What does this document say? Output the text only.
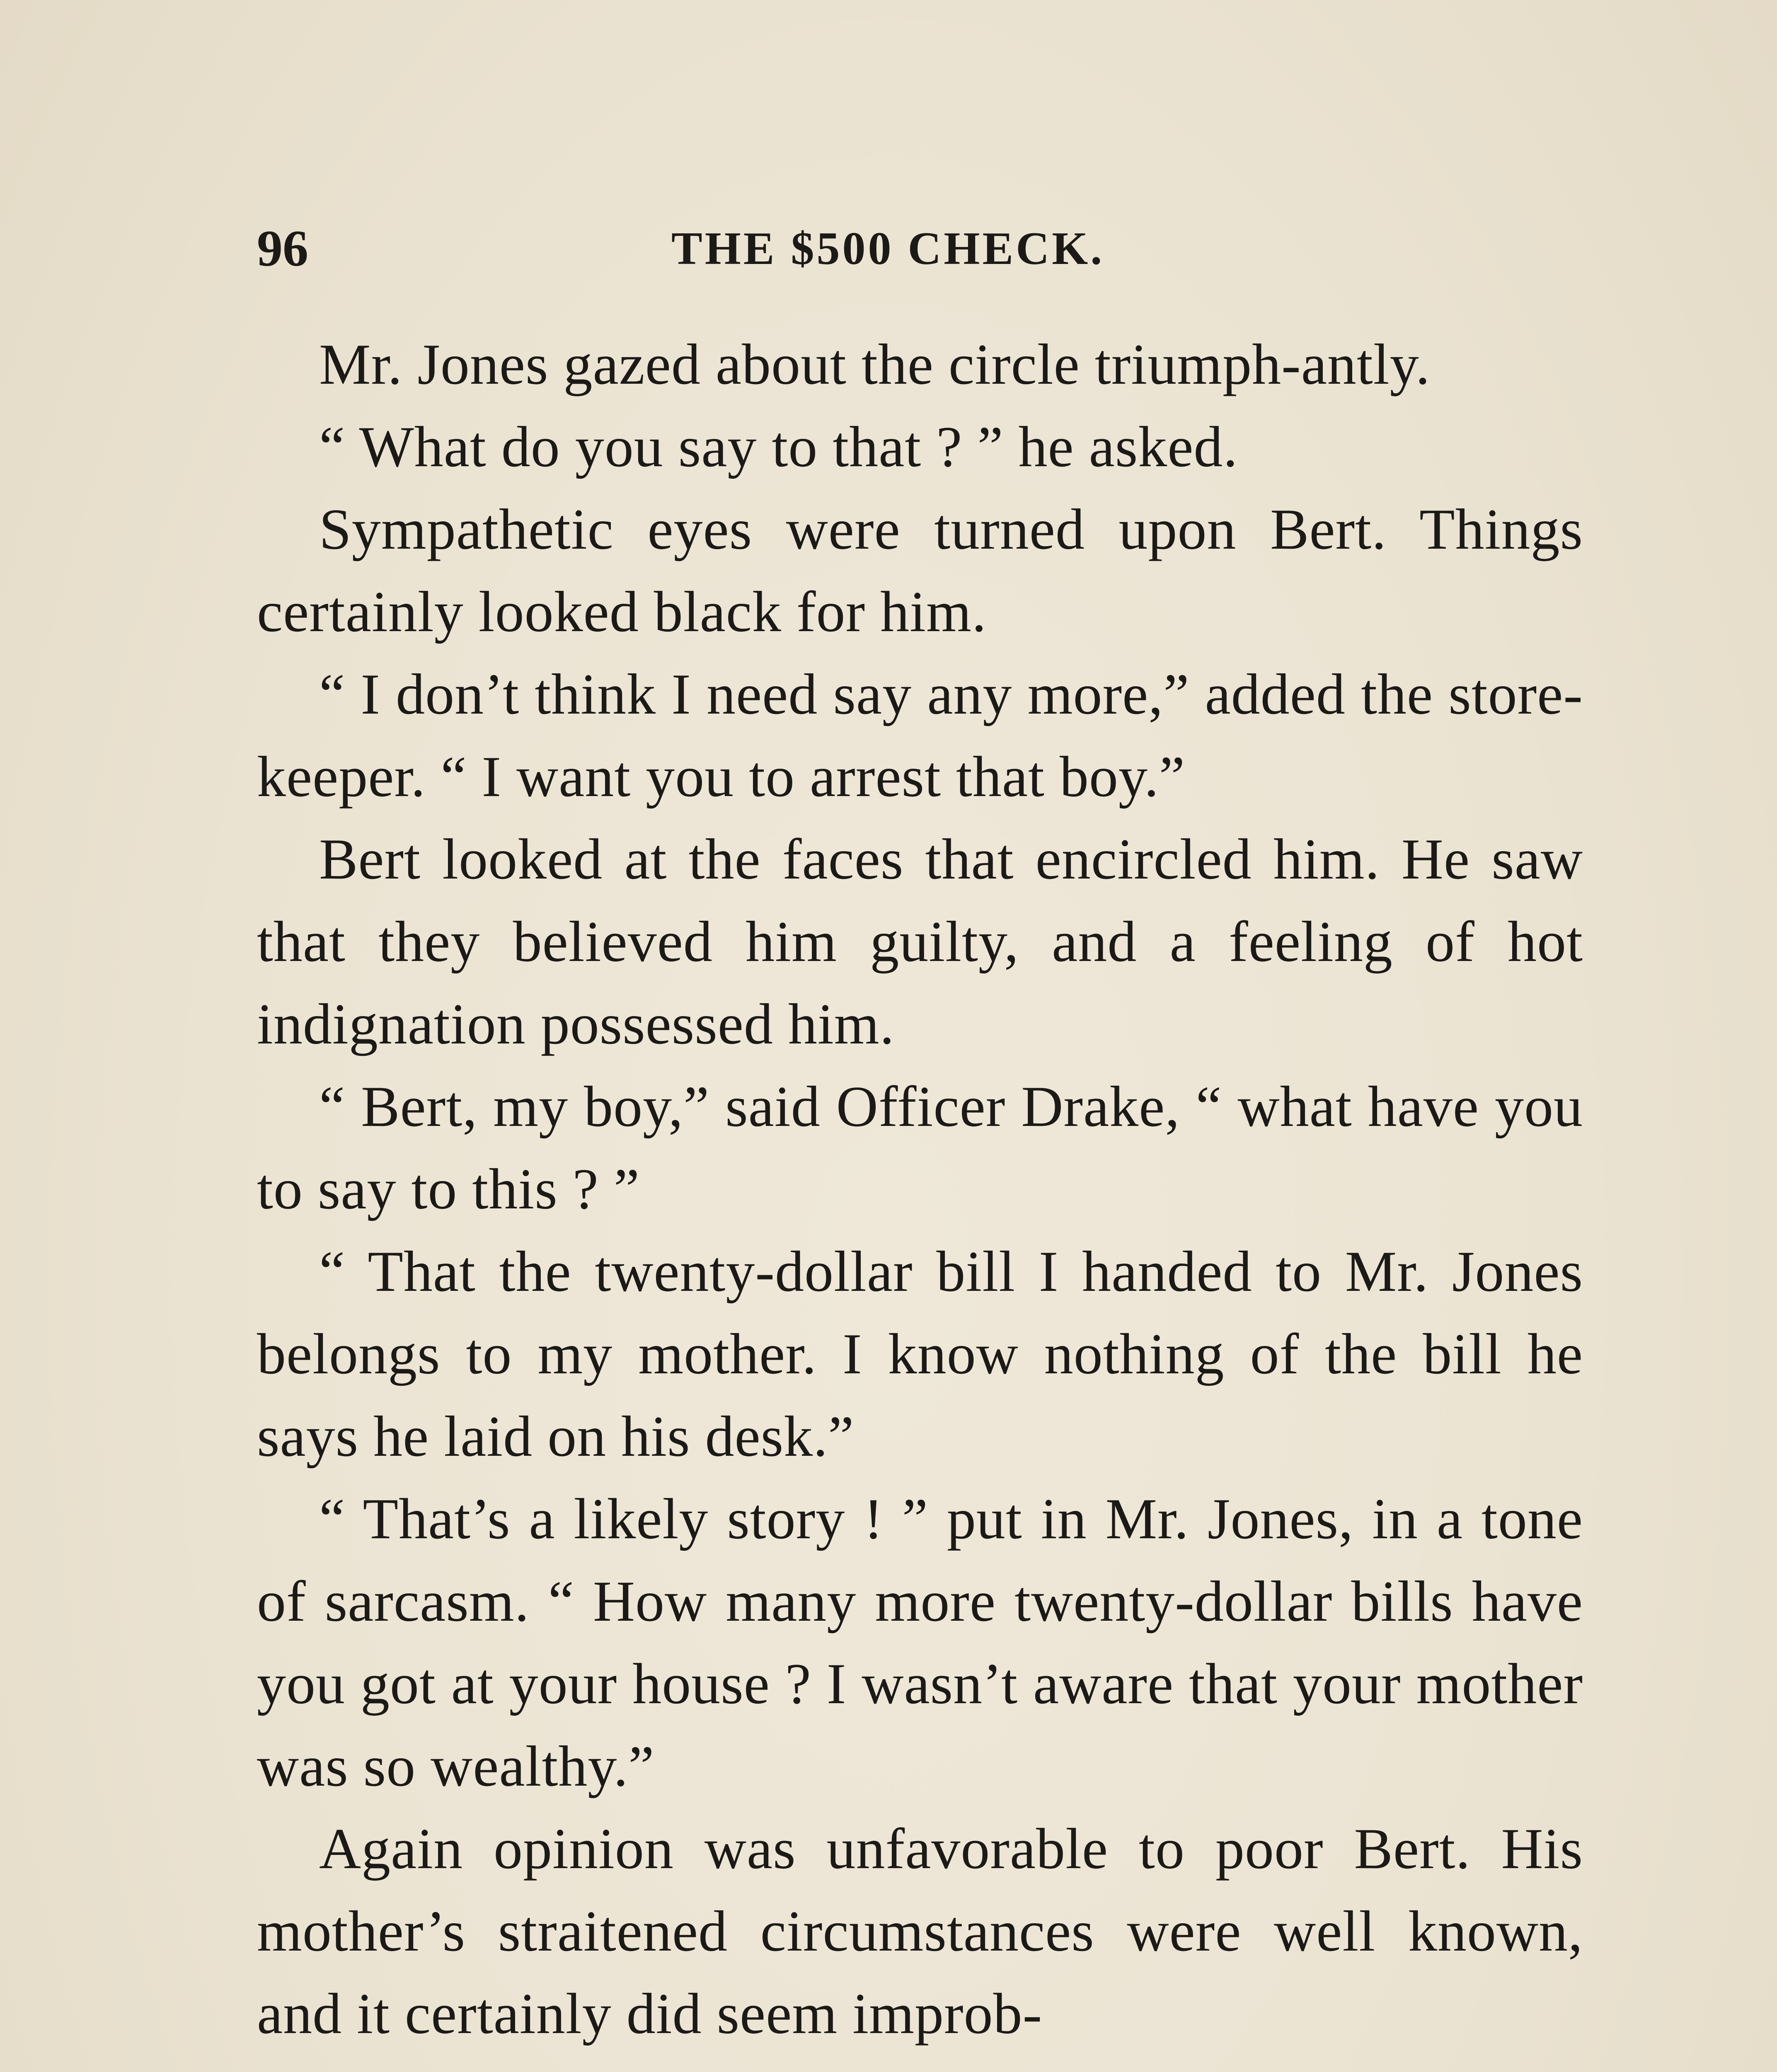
96	THE $500 CHECK.

Mr. Jones gazed about the circle triumph-antly.

“ What do you say to that ? ” he asked.

Sympathetic eyes were turned upon Bert. Things certainly looked black for him.

“ I don’t think I need say any more,” added the store-keeper. “ I want you to arrest that boy.”

Bert looked at the faces that encircled him. He saw that they believed him guilty, and a feeling of hot indignation possessed him.

“ Bert, my boy,” said Officer Drake, “ what have you to say to this ? ”

“ That the twenty-dollar bill I handed to Mr. Jones belongs to my mother. I know nothing of the bill he says he laid on his desk.”

“ That’s a likely story ! ” put in Mr. Jones, in a tone of sarcasm. “ How many more twenty-dollar bills have you got at your house ? I wasn’t aware that your mother was so wealthy.”

Again opinion was unfavorable to poor Bert. His mother’s straitened circumstances were well known, and it certainly did seem improb-
